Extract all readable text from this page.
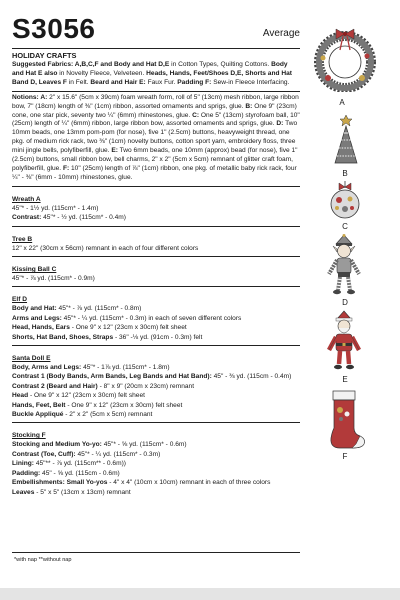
S3056	Average
HOLIDAY CRAFTS

Suggested Fabrics: A,B,C,F and Body and Hat D,E in Cotton Types, Quilting Cottons. Body and Hat E also in Novelty Fleece, Velveteen. Heads, Hands, Feet/Shoes D,E, Shorts and Hat Band D, Leaves F in Felt. Beard and Hair E: Faux Fur. Padding F: Sew-in Fleece Interfacing.

Notions: A: 2" x 15.6" (5cm x 39cm) foam wreath form, roll of 5" (13cm) mesh ribbon, large ribbon bow, 7" (18cm) length of ⅜" (1cm) ribbon, assorted ornaments and sprigs, glue. B: One 9" (23cm) cone, one star pick, seventy two ¼" (6mm) rhinestones, glue. C: One 5" (13cm) styrofoam ball, 10" (25cm) length of ¼" (6mm) ribbon, large ribbon bow, assorted ornaments and sprigs, glue. D: Two 10mm beads, one 13mm pom-pom (for nose), five 1" (2.5cm) buttons, heavyweight thread, one pkg. of medium rick rack, two ⅜" (1cm) novelty buttons, cotton sport yarn, embroidery floss, three mini jingle bells, polyfiberfill, glue. E: Two 6mm beads, one 10mm (approx) bead (for nose), five 1" (2.5cm) buttons, small ribbon bow, bell charms, 2" x 2" (5cm x 5cm) remnant of glitter craft foam, polyfiberfill, glue. F: 10" (25cm) length of ⅞" (1cm) ribbon, one pkg. of metallic baby rick rack, four ¼" - ⅜" (6mm - 10mm) rhinestones, glue.

Wreath A
45"* - 1½ yd. (115cm* - 1.4m)
Contrast: 45"* - ½ yd. (115cm* - 0.4m)
Tree B
12" x 22" (30cm x 56cm) remnant in each of four different colors
Kissing Ball C
45"* - ⅞ yd. (115cm* - 0.9m)
Elf D
Body and Hat: 45"* - ⅞ yd. (115cm* - 0.8m)
Arms and Legs: 45"* - ¼ yd. (115cm* - 0.3m) in each of seven different colors
Head, Hands, Ears - One 9" x 12" (23cm x 30cm) felt sheet
Shorts, Hat Band, Shoes, Straps - 36" -⅛ yd. (91cm - 0.3m) felt
Santa Doll E
Body, Arms and Legs: 45"* - 1⅞ yd. (115cm* - 1.8m)
Contrast 1 (Body Bands, Arm Bands, Leg Bands and Hat Band): 45" - ⅜ yd. (115cm - 0.4m)
Contrast 2 (Beard and Hair) - 8" x 9" (20cm x 23cm) remnant
Head - One 9" x 12" (23cm x 30cm) felt sheet
Hands, Feet, Belt - One 9" x 12" (23cm x 30cm) felt sheet
Buckle Appliqué - 2" x 2" (5cm x 5cm) remnant
Stocking F
Stocking and Medium Yo-yo: 45"* - ⅝ yd. (115cm* - 0.6m)
Contrast (Toe, Cuff): 45"* - ¼ yd. (115cm* - 0.3m)
Lining: 45"** - ⅞ yd. (115cm** - 0.6m))
Padding: 45" - ⅝ yd. (115cm - 0.6m)
Embellishments: Small Yo-yos - 4" x 4" (10cm x 10cm) remnant in each of three colors
Leaves - 5" x 5" (13cm x 13cm) remnant
*with nap **without nap
A
B
C
D
E
F
